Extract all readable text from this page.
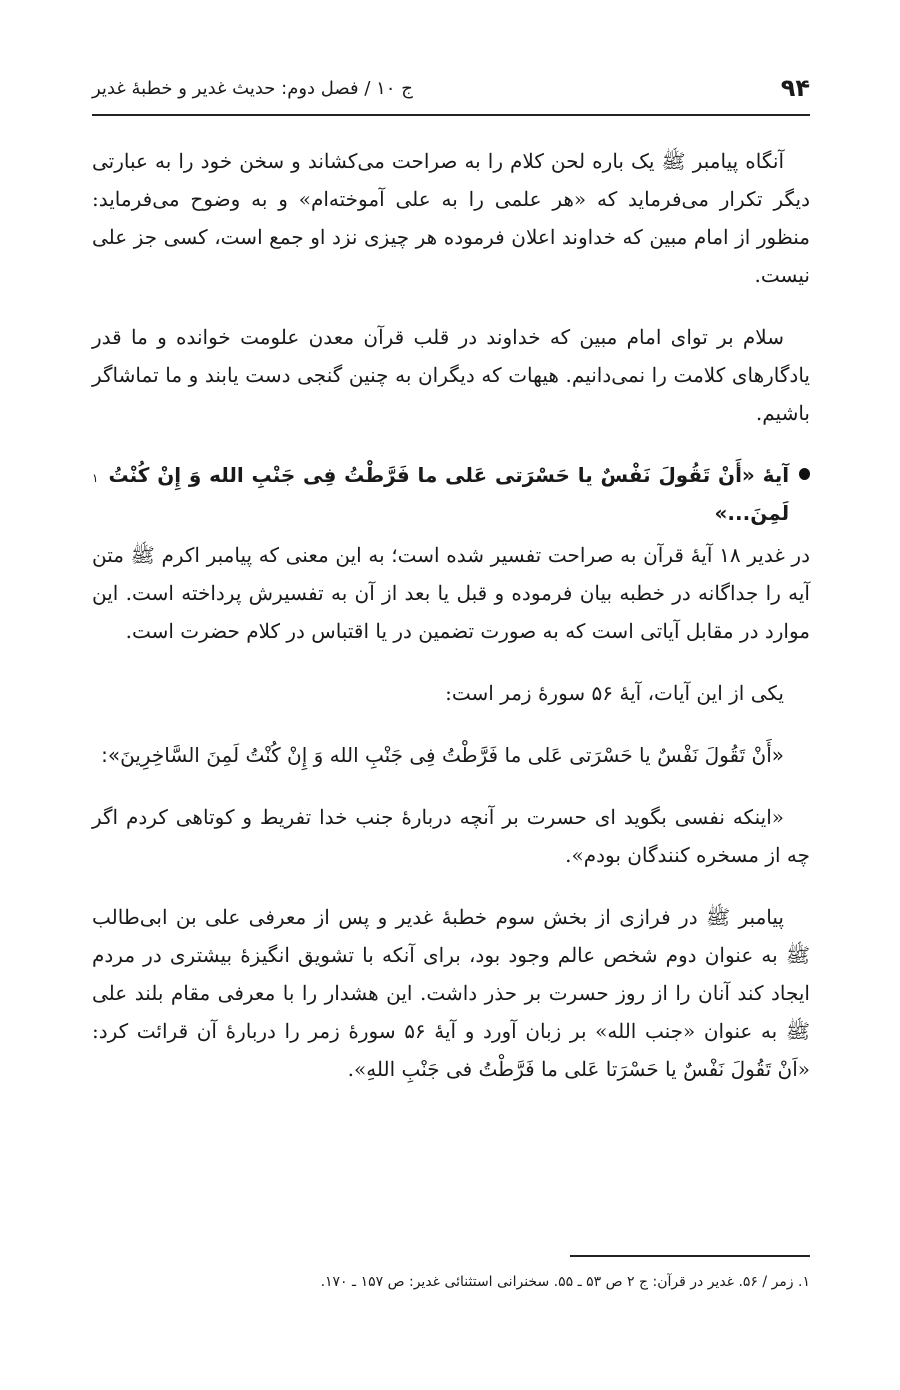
۹۴
ج ۱۰ / فصل دوم: حدیث غدیر و خطبۀ غدیر

آنگاه پیامبر ﷺ یک باره لحن کلام را به صراحت می‌کشاند و سخن خود را به عبارتی دیگر تکرار می‌فرماید که «هر علمی را به علی آموخته‌ام» و به وضوح می‌فرماید: منظور از امام مبین که خداوند اعلان فرموده هر چیزی نزد او جمع است، کسی جز علی نیست.

سلام بر توای امام مبین که خداوند در قلب قرآن معدن علومت خوانده و ما قدر یادگارهای کلامت را نمی‌دانیم. هیهات که دیگران به چنین گنجی دست یابند و ما تماشاگر باشیم.

آیۀ «أَنْ تَقُولَ نَفْسٌ یا حَسْرَتی عَلی ما فَرَّطْتُ فِی جَنْبِ الله وَ إِنْ کُنْتُ لَمِنَ...»
۱

در غدیر ۱۸ آیۀ قرآن به صراحت تفسیر شده است؛ به این معنی که پیامبر اکرم ﷺ متن آیه را جداگانه در خطبه بیان فرموده و قبل یا بعد از آن به تفسیرش پرداخته است. این موارد در مقابل آیاتی است که به صورت تضمین در یا اقتباس در کلام حضرت است.

یکی از این آیات، آیۀ ۵۶ سورۀ زمر است:

«أَنْ تَقُولَ نَفْسٌ یا حَسْرَتی عَلی ما فَرَّطْتُ فِی جَنْبِ الله وَ إِنْ کُنْتُ لَمِنَ السَّاخِرِینَ»:

«اینکه نفسی بگوید ای حسرت بر آنچه دربارۀ جنب خدا تفریط و کوتاهی کردم اگر چه از مسخره کنندگان بودم».

پیامبر ﷺ در فرازی از بخش سوم خطبۀ غدیر و پس از معرفی علی بن ابی‌طالب ﷺ به عنوان دوم شخص عالم وجود بود، برای آنکه با تشویق انگیزۀ بیشتری در مردم ایجاد کند آنان را از روز حسرت بر حذر داشت. این هشدار را با معرفی مقام بلند علی ﷺ به عنوان «جنب الله» بر زبان آورد و آیۀ ۵۶ سورۀ زمر را دربارۀ آن قرائت کرد: «اَنْ تَقُولَ نَفْسٌ یا حَسْرَتا عَلی ما فَرَّطْتُ فی جَنْبِ اللهِ».

۱. زمر / ۵۶. غدیر در قرآن: ج ۲ ص ۵۳ ـ ۵۵. سخنرانی استثنائی غدیر: ص ۱۵۷ ـ ۱۷۰.
